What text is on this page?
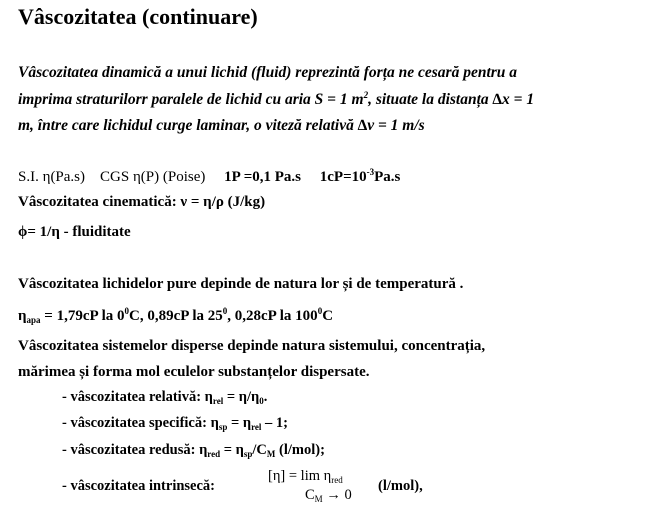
Vâscozitatea (continuare)
Vâscozitatea dinamică a unui lichid (fluid) reprezintă forța ne cesară pentru a
imprima straturilorr paralele de lichid cu aria S = 1 $m^2$, situate la distanța ∆x = 1
m, între care lichidul curge laminar, o viteză relativă ∆v = 1 m/s
S.I. η(Pa.s) CGS η(P) (Poise) 1P =0,1 Pa.s $1cP=10^{-3}Pa.s$
Vâscozitatea cinematică: ν = η/ρ (J/kg)
ϕ= 1/η - fluiditate
Vâscozitatea lichidelor pure depinde de natura lor și de temperatură .
$\eta_{apa} = 1,79cP$ la $0^0C$, 0,89cP la $25^0$, 0,28cP la $100^0C$
Vâscozitatea sistemelor disperse depinde natura sistemului, concentrația,
mărimea și forma mol eculelor substanțelor dispersate.
- vâscozitatea relativă: $\eta_{rel} = \eta/\eta_0$.
- vâscozitatea specifică: $\eta_{sp} = \eta_{rel} - 1$;
- vâscozitatea redusă: $\eta_{red} = \eta_{sp}/C_M$ (l/mol);
- vâscozitatea intrinsecă:
$[\eta] = \lim \eta_{red}$
$C_M \to 0$
(l/mol),
